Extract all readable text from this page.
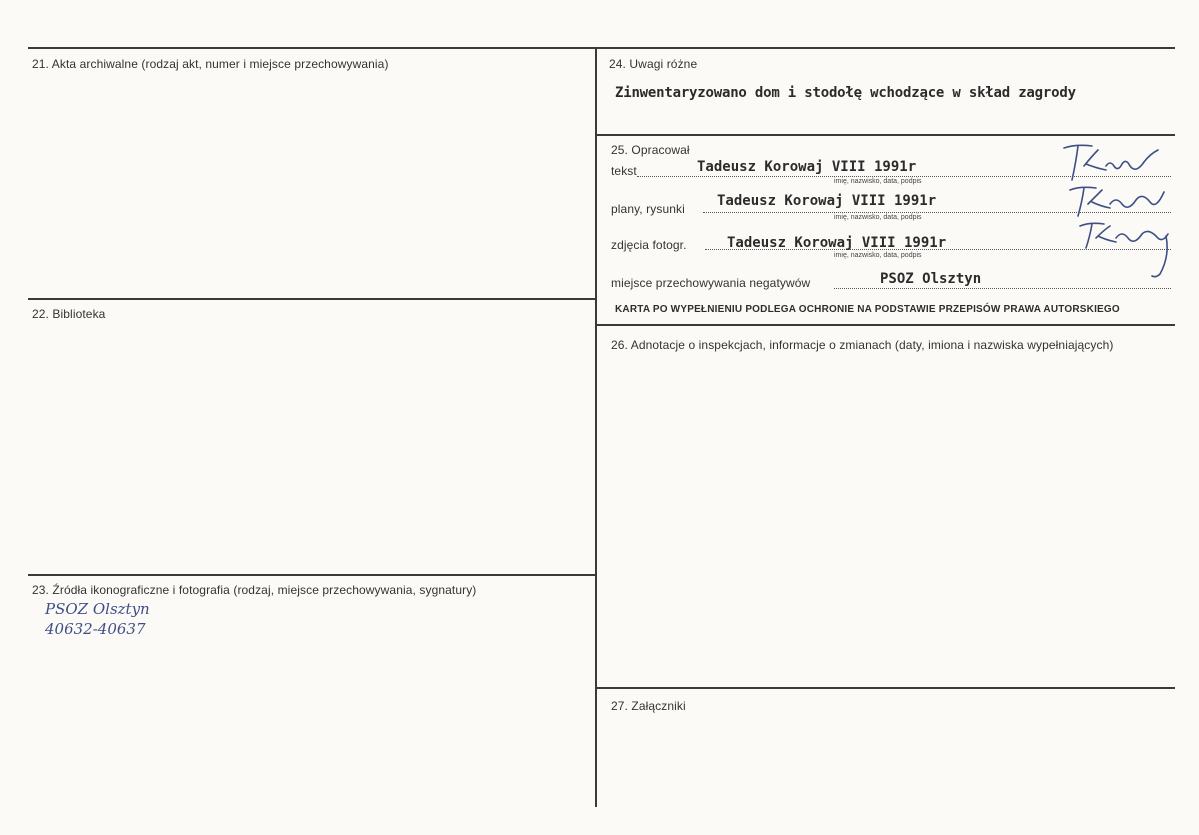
21. Akta archiwalne (rodzaj akt, numer i miejsce przechowywania)
22. Biblioteka
23. Źródła ikonograficzne i fotografia (rodzaj, miejsce przechowywania, sygnatury)
PSOZ Olsztyn
40632-40637
24. Uwagi różne
Zinwentaryzowano dom i stodołę wchodzące w skład zagrody
25. Opracował
tekst	Tadeusz Korowaj VIII 1991r
imię, nazwisko, data, podpis
plany, rysunki Tadeusz Korowaj VIII 1991r
imię, nazwisko, data, podpis
zdjęcia fotogr.	Tadeusz Korowaj VIII 1991r
imię, nazwisko, data, podpis
miejsce przechowywania negatywów	PSOZ Olsztyn
KARTA PO WYPEŁNIENIU PODLEGA OCHRONIE NA PODSTAWIE PRZEPISÓW PRAWA AUTORSKIEGO
26. Adnotacje o inspekcjach, informacje o zmianach (daty, imiona i nazwiska wypełniających)
27. Załączniki
